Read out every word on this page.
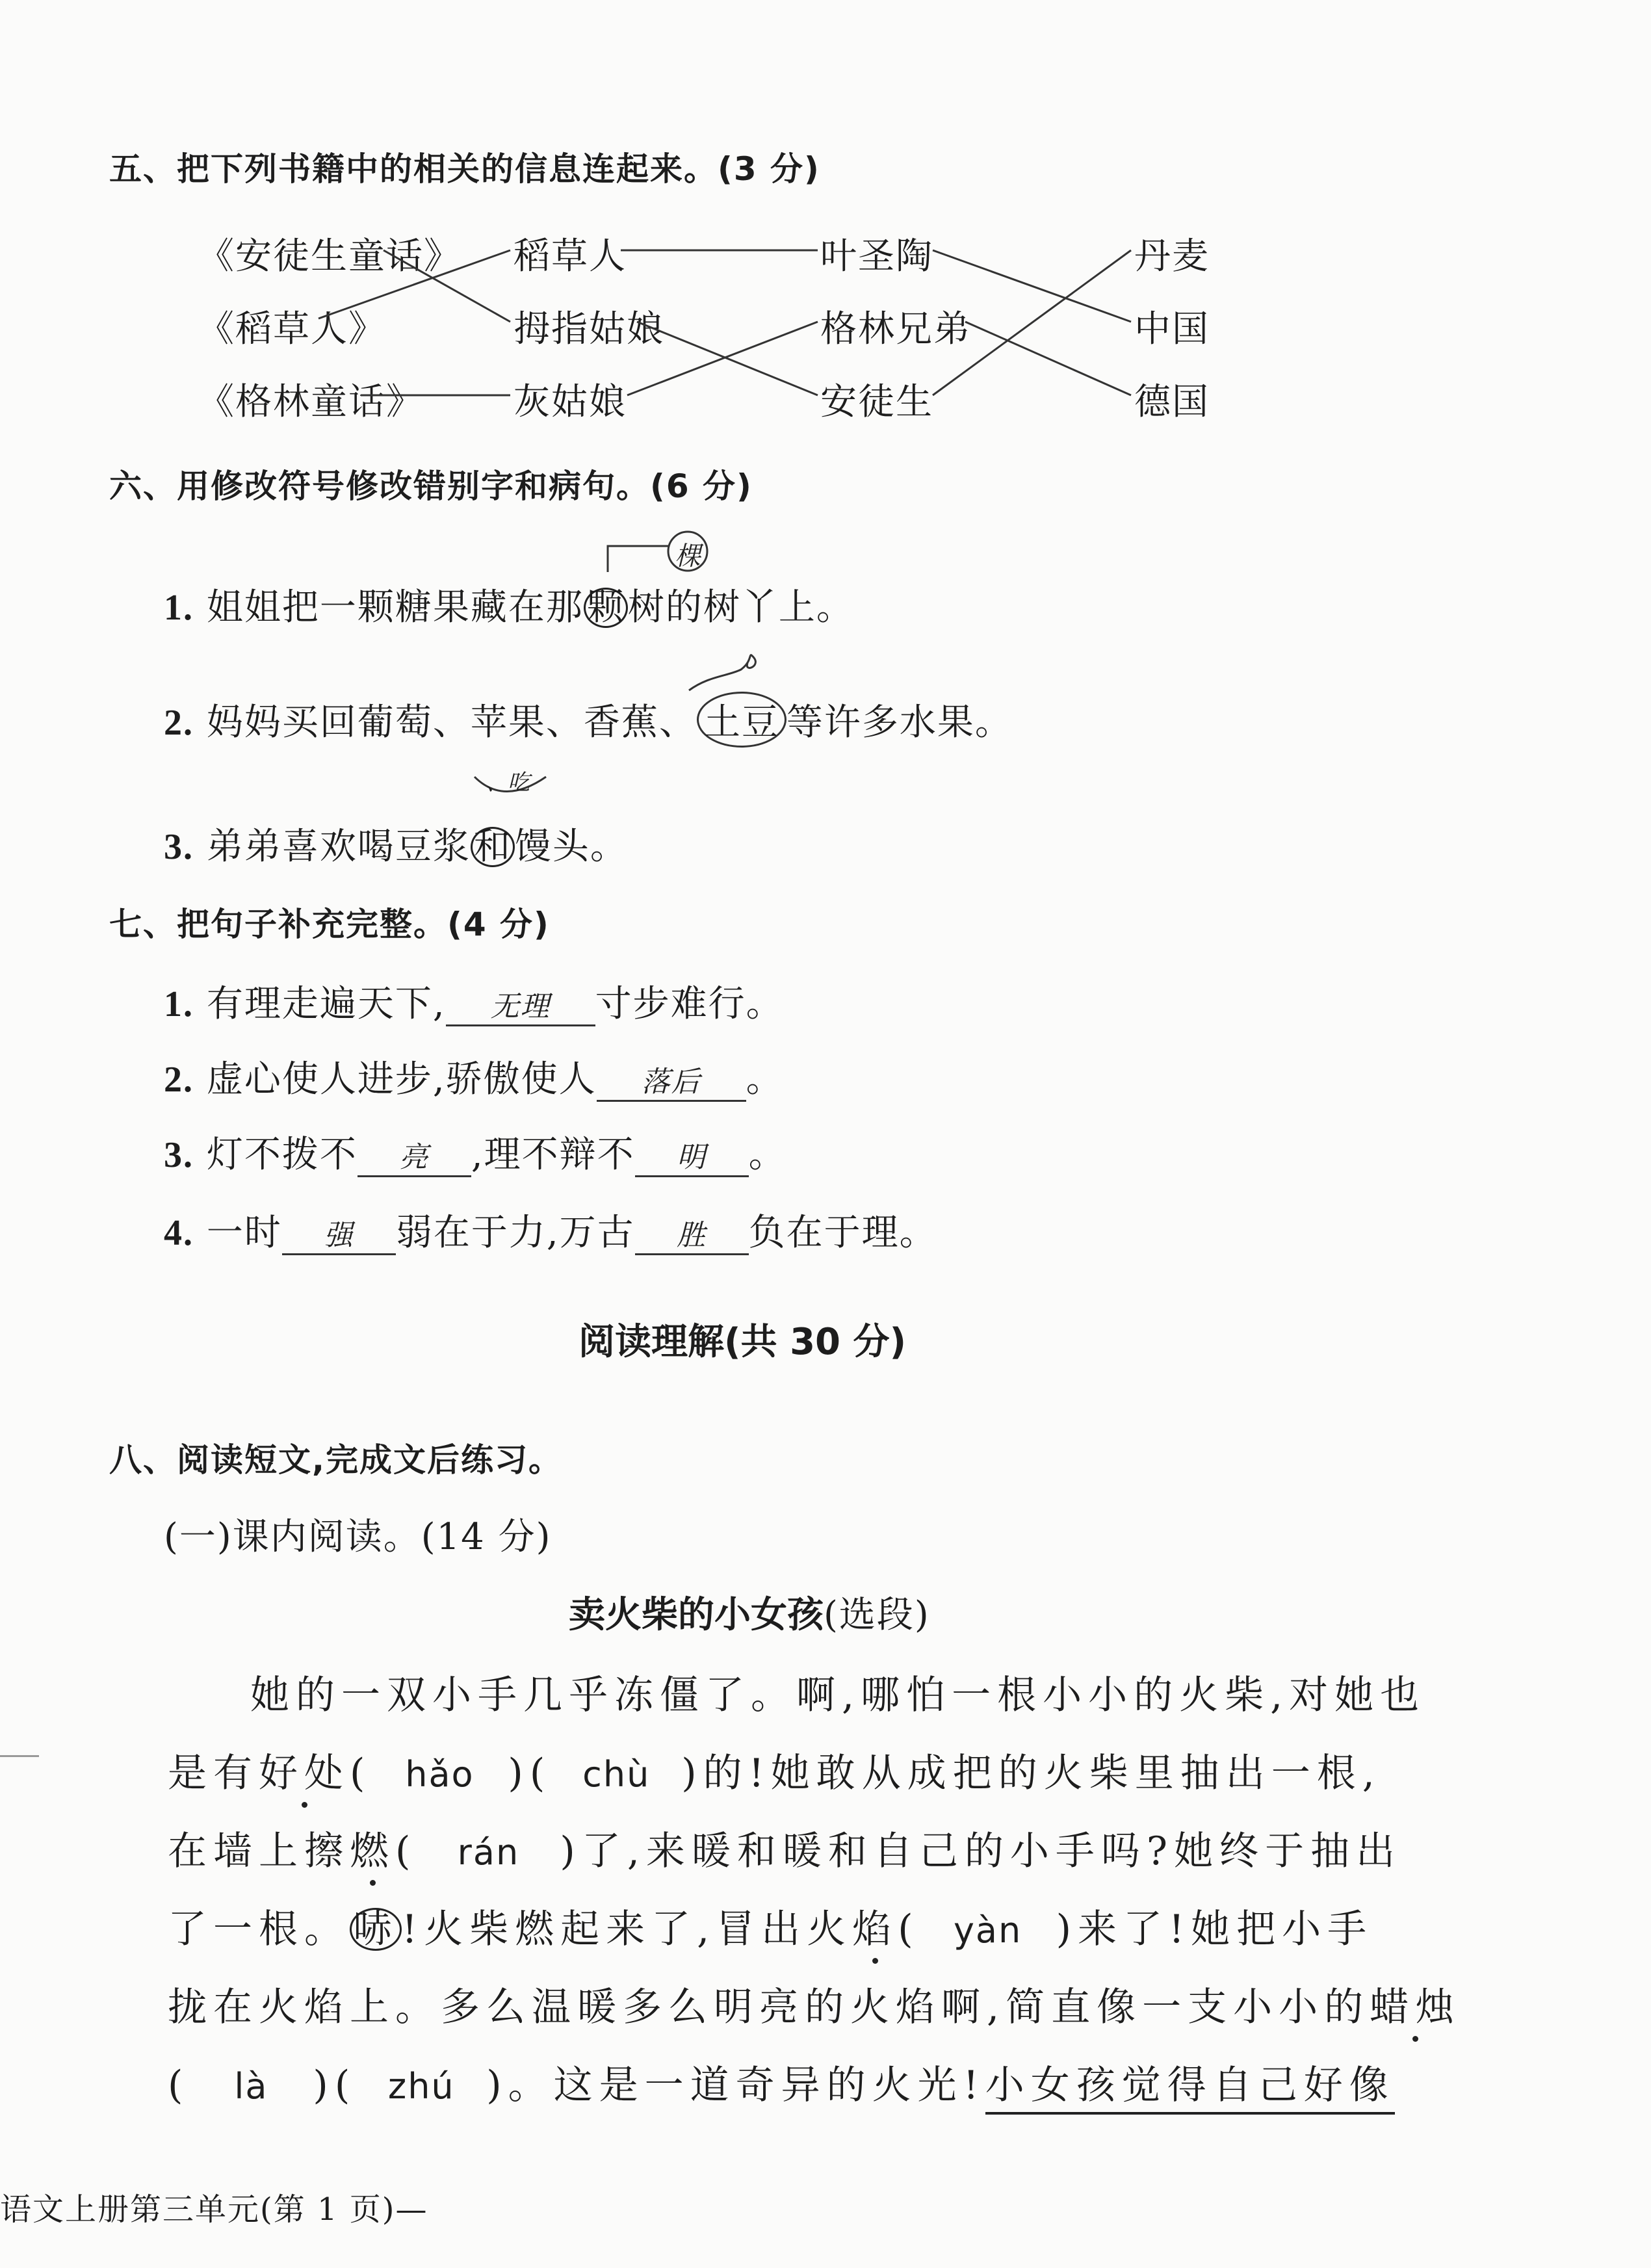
五、把下列书籍中的相关的信息连起来。(3 分)
《安徒生童话》
《稻草人》
《格林童话》
稻草人
拇指姑娘
灰姑娘
叶圣陶
格林兄弟
安徒生
丹麦
中国
德国
六、用修改符号修改错别字和病句。(6 分)
1. 姐姐把一颗糖果藏在那颗树的树丫上。
棵
2. 妈妈买回葡萄、苹果、香蕉、 土豆 等许多水果。
3. 弟弟喜欢喝豆浆和馒头。
、吃
七、把句子补充完整。(4 分)
1. 有理走遍天下, 无理 寸步难行。
2. 虚心使人进步,骄傲使人 落后 。
3. 灯不拨不 亮 ,理不辩不 明 。
4. 一时 强 弱在于力,万古 胜 负在于理。
阅读理解(共 30 分)
八、阅读短文,完成文后练习。
(一)课内阅读。(14 分)
卖火柴的小女孩(选段)
她的一双小手几乎冻僵了。啊,哪怕一根小小的火柴,对她也
是有好处( hǎo )( chù )的!她敢从成把的火柴里抽出一根,
在墙上擦燃( rán )了,来暖和暖和自己的小手吗?她终于抽出
了一根。哧!火柴燃起来了,冒出火焰( yàn )来了!她把小手
拢在火焰上。多么温暖多么明亮的火焰啊,简直像一支小小的蜡烛
( là )( zhú )。这是一道奇异的火光!小女孩觉得自己好像
语文上册第三单元(第 1 页)—
